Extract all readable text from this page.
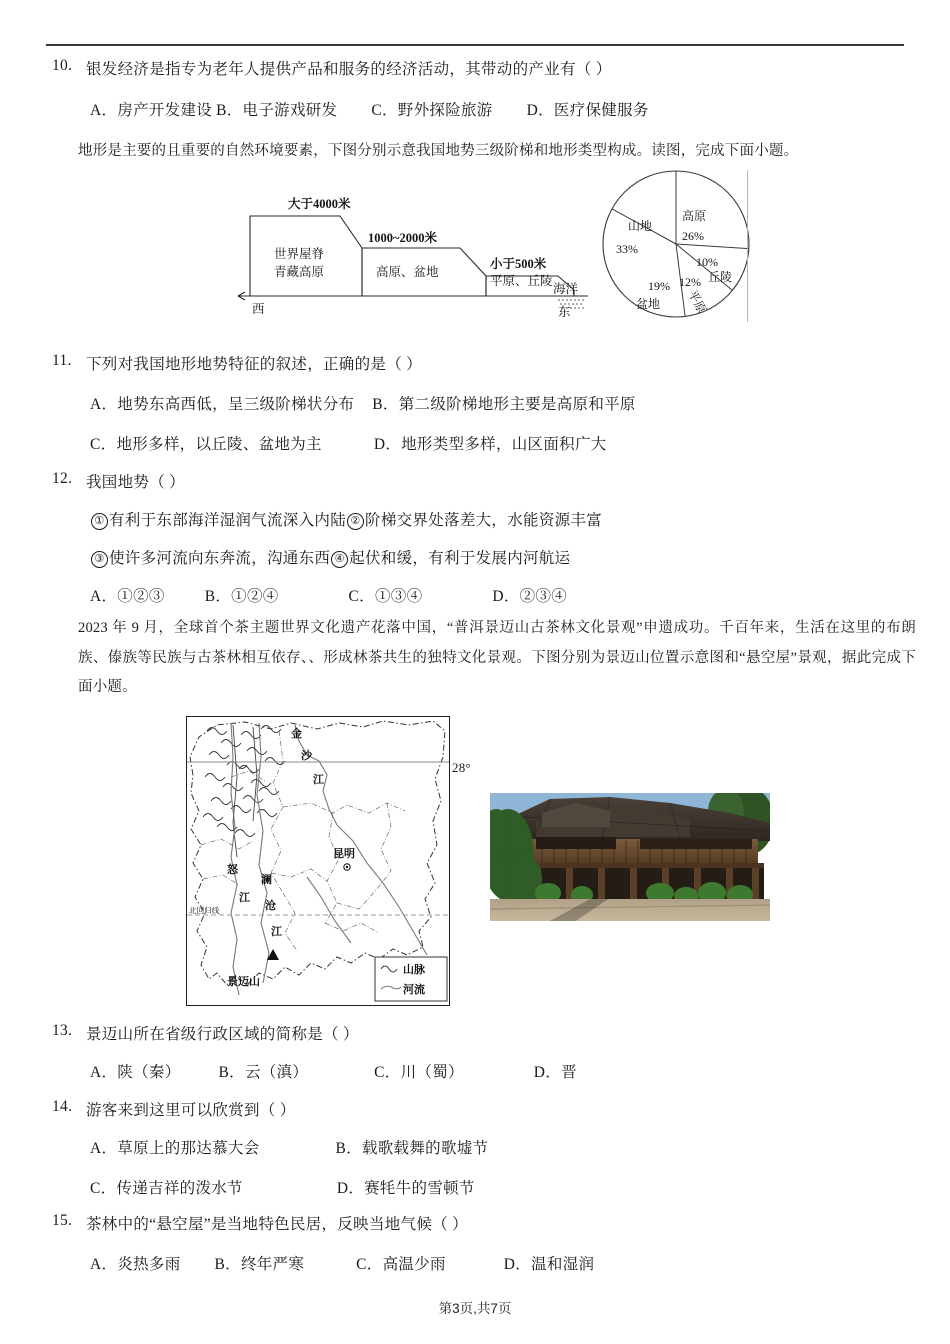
10. 银发经济是指专为老年人提供产品和服务的经济活动，其带动的产业有（ ）
A．房产开发建设 B．电子游戏研发 C．野外探险旅游 D．医疗保健服务
地形是主要的且重要的自然环境要素，下图分别示意我国地势三级阶梯和地形类型构成。读图，完成下面小题。
大于4000米
世界屋脊
青藏高原
1000~2000米
高原、盆地
小于500米
平原、丘陵
海洋
西	东
高原
26%
山地
33%
10%
丘陵
12%
平原
19%
盆地
11. 下列对我国地形地势特征的叙述，正确的是（ ）
A．地势东高西低，呈三级阶梯状分布 B．第二级阶梯地形主要是高原和平原
C．地形多样，以丘陵、盆地为主	D．地形类型多样，山区面积广大
12. 我国地势（ ）
① 有利于东部海洋湿润气流深入内陆 ② 阶梯交界处落差大，水能资源丰富
③ 使许多河流向东奔流，沟通东西 ④ 起伏和缓，有利于发展内河航运
A．①②③	B．①②④	C．①③④	D．②③④
2023 年 9 月，全球首个茶主题世界文化遗产花落中国，“普洱景迈山古茶林文化景观”申遗成功。千百年来，生活在这里的布朗族、傣族等民族与古茶林相互依存、、形成林茶共生的独特文化景观。下图分别为景迈山位置示意图和“悬空屋”景观，据此完成下面小题。
昆明
景迈山
金
沙
江
怒
江
澜
沧
江
北回归线
山脉
河流
28°
13. 景迈山所在省级行政区域的简称是（ ）
A．陕（秦） B．云（滇）	C．川（蜀）	D．晋
14. 游客来到这里可以欣赏到（ ）
A．草原上的那达慕大会	B．载歌载舞的歌墟节
C．传递吉祥的泼水节	D．赛牦牛的雪顿节
15. 茶林中的“悬空屋”是当地特色民居，反映当地气候（ ）
A．炎热多雨 B．终年严寒	C．高温少雨	D．温和湿润
第3页,共7页
